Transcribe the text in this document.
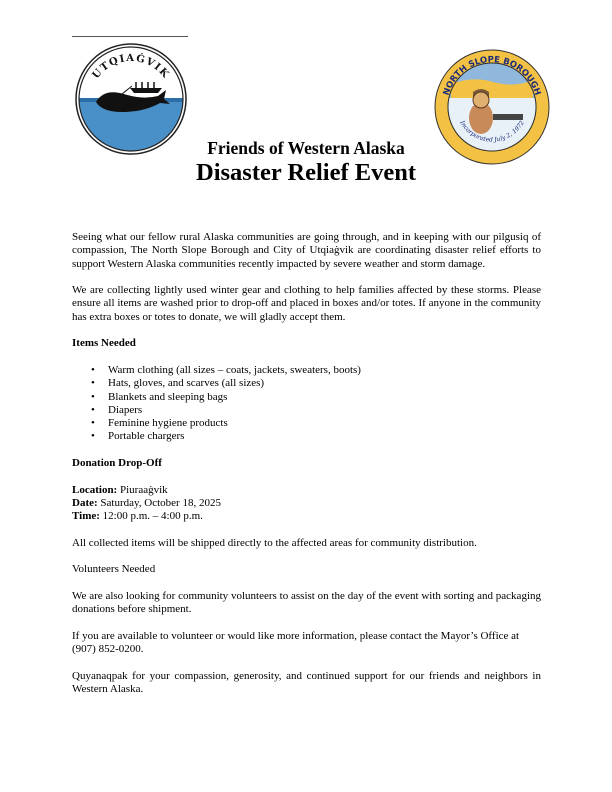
UTQIAĠVIK
NORTH SLOPE BOROUGH
Incorporated July 2, 1972
Friends of Western Alaska
Disaster Relief Event

Seeing what our fellow rural Alaska communities are going through, and in keeping with our pilgusiq of compassion, The North Slope Borough and City of Utqiaġvik are coordinating disaster relief efforts to support Western Alaska communities recently impacted by severe weather and storm damage.

We are collecting lightly used winter gear and clothing to help families affected by these storms. Please ensure all items are washed prior to drop-off and placed in boxes and/or totes. If anyone in the community has extra boxes or totes to donate, we will gladly accept them.

Items Needed

• Warm clothing (all sizes – coats, jackets, sweaters, boots)
• Hats, gloves, and scarves (all sizes)
• Blankets and sleeping bags
• Diapers
• Feminine hygiene products
• Portable chargers

Donation Drop-Off

Location: Piuraaġvik
Date: Saturday, October 18, 2025
Time: 12:00 p.m. – 4:00 p.m.

All collected items will be shipped directly to the affected areas for community distribution.

Volunteers Needed

We are also looking for community volunteers to assist on the day of the event with sorting and packaging donations before shipment.

If you are available to volunteer or would like more information, please contact the Mayor’s Office at (907) 852-0200.

Quyanaqpak for your compassion, generosity, and continued support for our friends and neighbors in Western Alaska.
